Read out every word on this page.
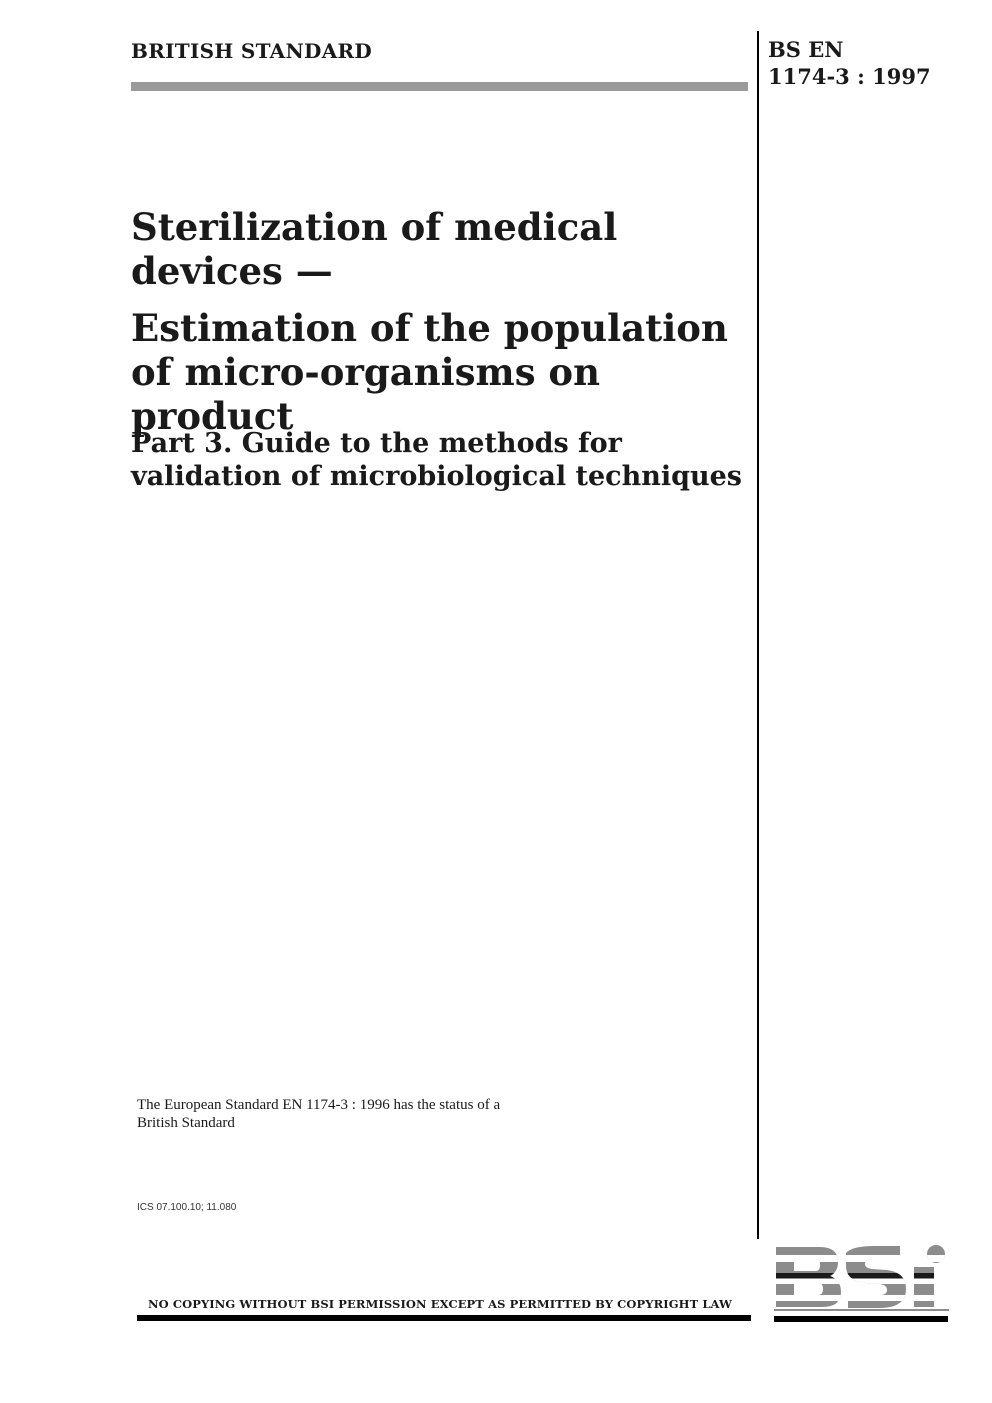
BRITISH STANDARD	BS EN
1174-3 : 1997
Sterilization of medical devices —
Estimation of the population of micro-organisms on product
Part 3. Guide to the methods for validation of microbiological techniques
The European Standard EN 1174-3 : 1996 has the status of a
British Standard
ICS 07.100.10; 11.080
NO COPYING WITHOUT BSI PERMISSION EXCEPT AS PERMITTED BY COPYRIGHT LAW
